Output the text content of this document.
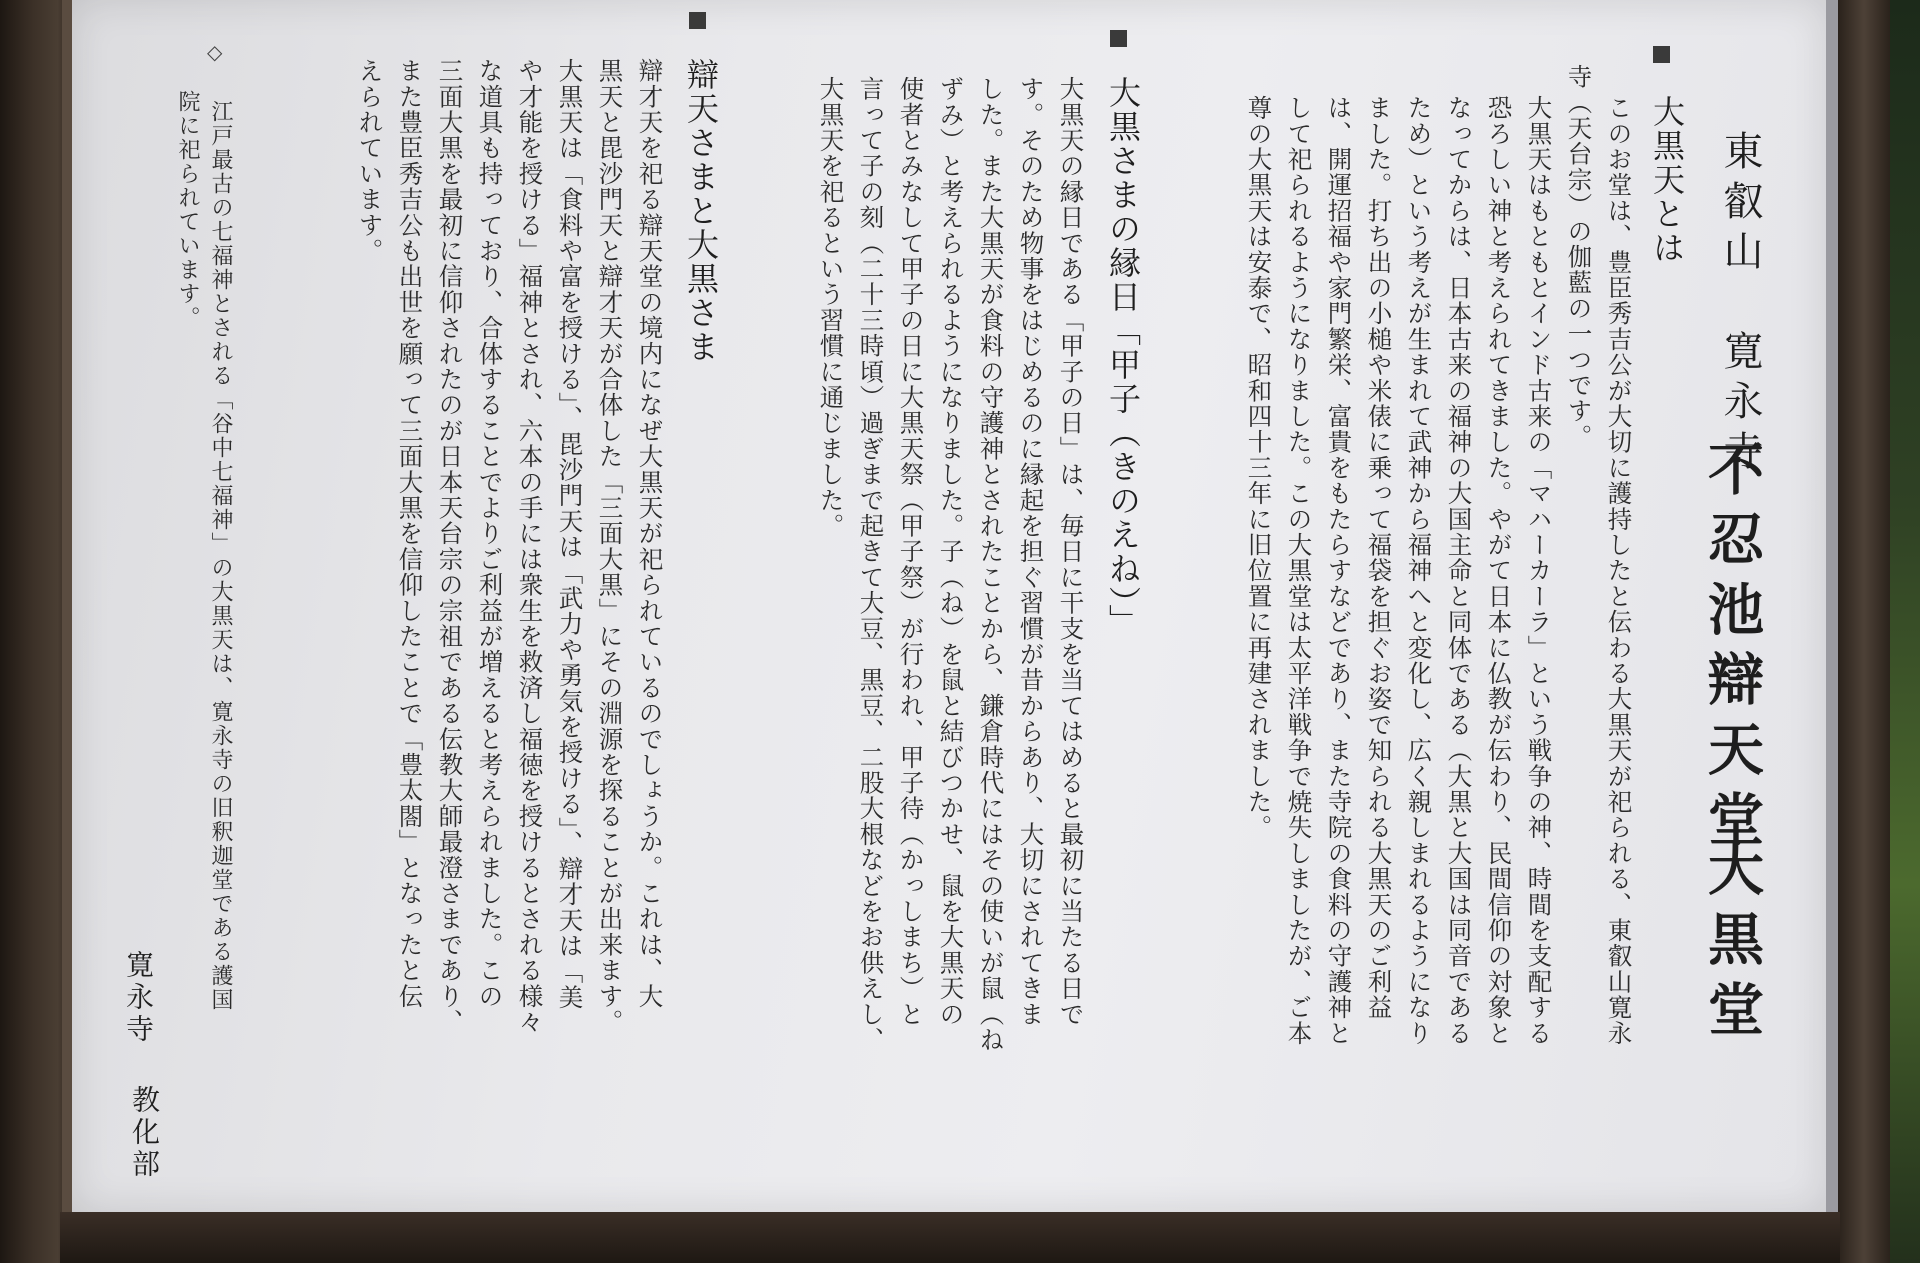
東叡山　寛永寺
不忍池辯天堂
大黒堂
大黒天とは
このお堂は、豊臣秀吉公が大切に護持したと伝わる大黒天が祀られる、東叡山寛永
寺（天台宗）の伽藍の一つです。
大黒天はもともとインド古来の「マハーカーラ」という戦争の神、時間を支配する
恐ろしい神と考えられてきました。やがて日本に仏教が伝わり、民間信仰の対象と
なってからは、日本古来の福神の大国主命と同体である（大黒と大国は同音である
ため）という考えが生まれて武神から福神へと変化し、広く親しまれるようになり
ました。打ち出の小槌や米俵に乗って福袋を担ぐお姿で知られる大黒天のご利益
は、開運招福や家門繁栄、富貴をもたらすなどであり、また寺院の食料の守護神と
して祀られるようになりました。この大黒堂は太平洋戦争で焼失しましたが、ご本
尊の大黒天は安泰で、昭和四十三年に旧位置に再建されました。
大黒さまの縁日「甲子（きのえね）」
大黒天の縁日である「甲子の日」は、毎日に干支を当てはめると最初に当たる日で
す。そのため物事をはじめるのに縁起を担ぐ習慣が昔からあり、大切にされてきま
した。また大黒天が食料の守護神とされたことから、鎌倉時代にはその使いが鼠（ね
ずみ）と考えられるようになりました。子（ね）を鼠と結びつかせ、鼠を大黒天の
使者とみなして甲子の日に大黒天祭（甲子祭）が行われ、甲子待（かっしまち）と
言って子の刻（二十三時頃）過ぎまで起きて大豆、黒豆、二股大根などをお供えし、
大黒天を祀るという習慣に通じました。
辯天さまと大黒さま
辯才天を祀る辯天堂の境内になぜ大黒天が祀られているのでしょうか。これは、大
黒天と毘沙門天と辯才天が合体した「三面大黒」にその淵源を探ることが出来ます。
大黒天は「食料や富を授ける」、毘沙門天は「武力や勇気を授ける」、辯才天は「美
や才能を授ける」福神とされ、六本の手には衆生を救済し福徳を授けるとされる様々
な道具も持っており、合体することでよりご利益が増えると考えられました。この
三面大黒を最初に信仰されたのが日本天台宗の宗祖である伝教大師最澄さまであり、
また豊臣秀吉公も出世を願って三面大黒を信仰したことで「豊太閤」となったと伝
えられています。
◇
江戸最古の七福神とされる「谷中七福神」の大黒天は、寛永寺の旧釈迦堂である護国
院に祀られています。
寛永寺
教化部
